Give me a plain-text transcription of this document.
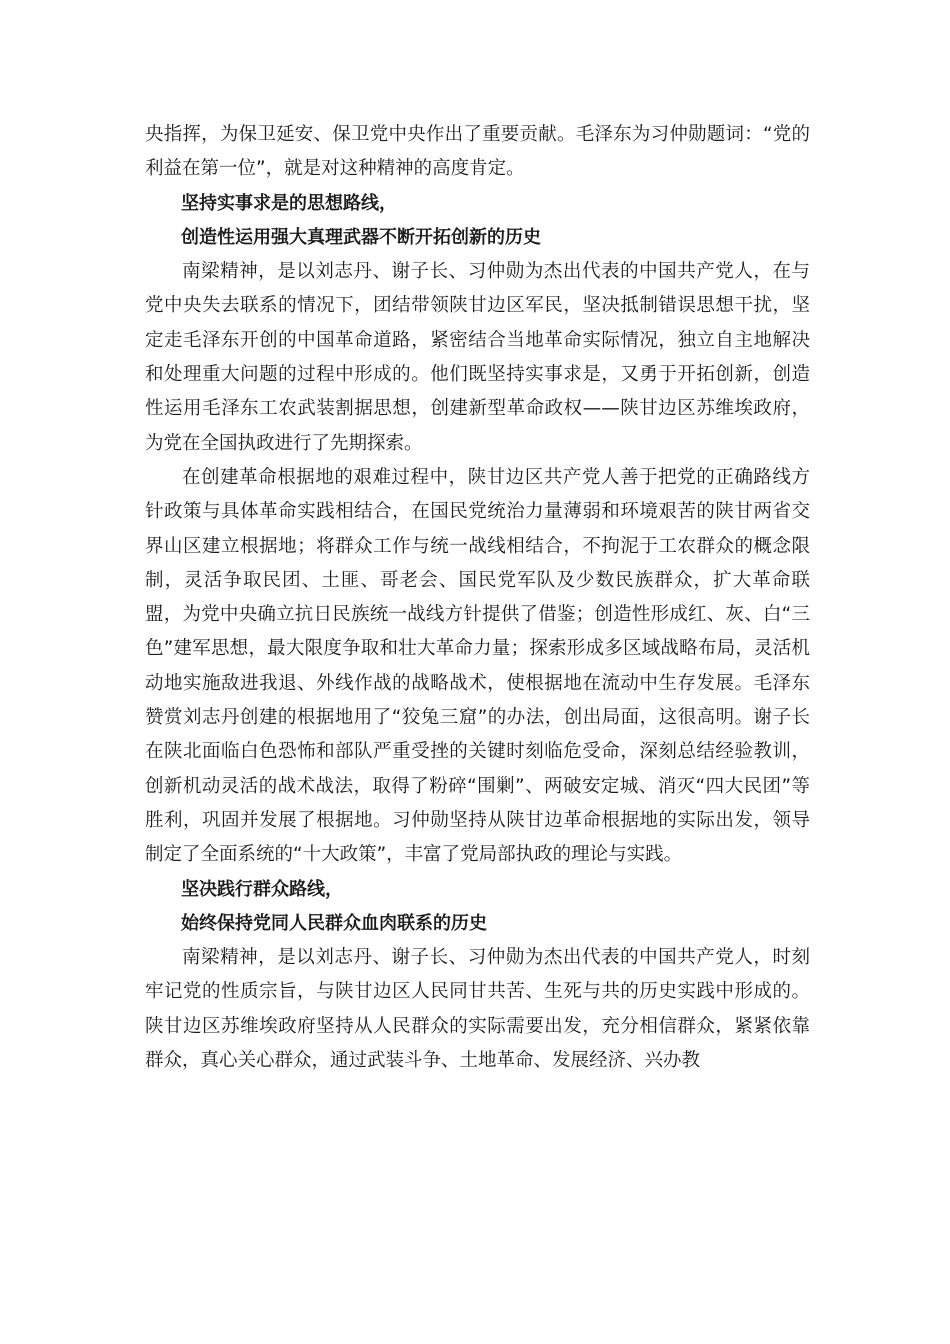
央指挥，为保卫延安、保卫党中央作出了重要贡献。毛泽东为习仲勋题词：“党的利益在第一位”，就是对这种精神的高度肯定。

坚持实事求是的思想路线，

创造性运用强大真理武器不断开拓创新的历史

南梁精神，是以刘志丹、谢子长、习仲勋为杰出代表的中国共产党人，在与党中央失去联系的情况下，团结带领陕甘边区军民，坚决抵制错误思想干扰，坚定走毛泽东开创的中国革命道路，紧密结合当地革命实际情况，独立自主地解决和处理重大问题的过程中形成的。他们既坚持实事求是，又勇于开拓创新，创造性运用毛泽东工农武装割据思想，创建新型革命政权——陕甘边区苏维埃政府，为党在全国执政进行了先期探索。

在创建革命根据地的艰难过程中，陕甘边区共产党人善于把党的正确路线方针政策与具体革命实践相结合，在国民党统治力量薄弱和环境艰苦的陕甘两省交界山区建立根据地；将群众工作与统一战线相结合，不拘泥于工农群众的概念限制，灵活争取民团、土匪、哥老会、国民党军队及少数民族群众，扩大革命联盟，为党中央确立抗日民族统一战线方针提供了借鉴；创造性形成红、灰、白“三色”建军思想，最大限度争取和壮大革命力量；探索形成多区域战略布局，灵活机动地实施敌进我退、外线作战的战略战术，使根据地在流动中生存发展。毛泽东赞赏刘志丹创建的根据地用了“狡兔三窟”的办法，创出局面，这很高明。谢子长在陕北面临白色恐怖和部队严重受挫的关键时刻临危受命，深刻总结经验教训，创新机动灵活的战术战法，取得了粉碎“围剿”、两破安定城、消灭“四大民团”等胜利，巩固并发展了根据地。习仲勋坚持从陕甘边革命根据地的实际出发，领导制定了全面系统的“十大政策”，丰富了党局部执政的理论与实践。

坚决践行群众路线，

始终保持党同人民群众血肉联系的历史

南梁精神，是以刘志丹、谢子长、习仲勋为杰出代表的中国共产党人，时刻牢记党的性质宗旨，与陕甘边区人民同甘共苦、生死与共的历史实践中形成的。陕甘边区苏维埃政府坚持从人民群众的实际需要出发，充分相信群众，紧紧依靠群众，真心关心群众，通过武装斗争、土地革命、发展经济、兴办教
